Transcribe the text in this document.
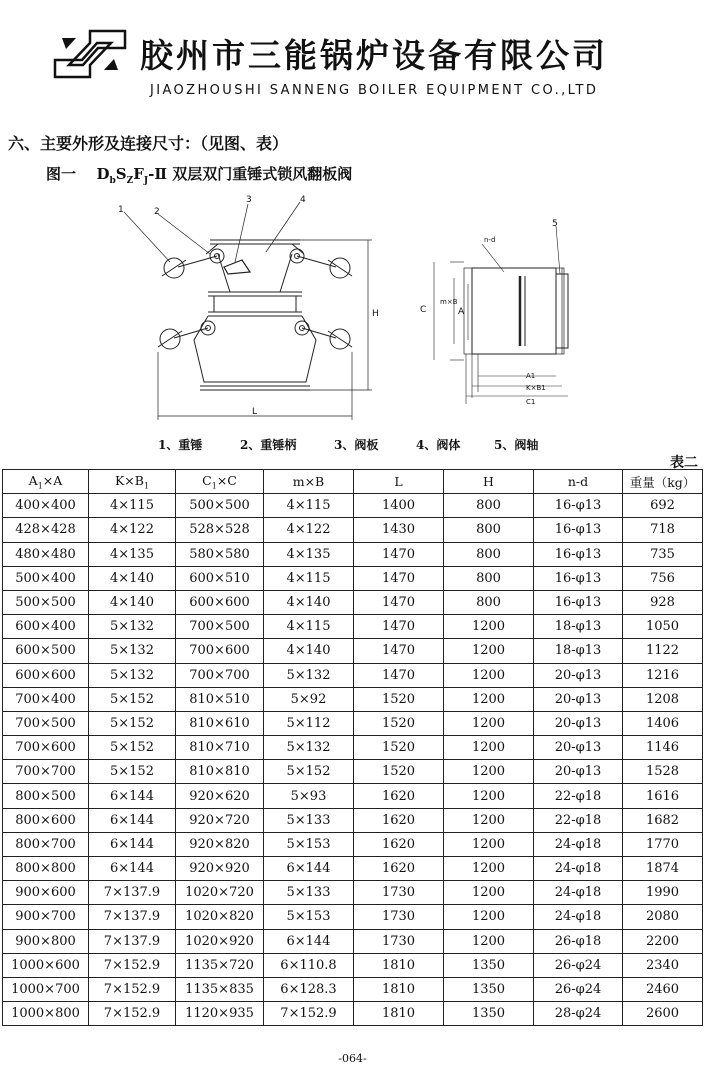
胶州市三能锅炉设备有限公司
JIAOZHOUSHI SANNENG BOILER EQUIPMENT CO.,LTD
六、主要外形及连接尺寸：（见图、表）
图一 $D_bS_ZF_J-Ⅱ$ 双层双门重锤式锁风翻板阀
1	2
3	4
5
L
H	C
m×B
A
n-d
A1
K×B1
C1
1、重锤	2、重锤柄	3、阀板	4、阀体	5、阀轴
表二
$A_1\times A$	$K\times B_1$	$C_1\times C$	m×B	L	H	n-d	重量（kg）
400×400	4×115	500×500	4×115	1400	800	16-φ13	692
428×428	4×122	528×528	4×122	1430	800	16-φ13	718
480×480	4×135	580×580	4×135	1470	800	16-φ13	735
500×400	4×140	600×510	4×115	1470	800	16-φ13	756
500×500	4×140	600×600	4×140	1470	800	16-φ13	928
600×400	5×132	700×500	4×115	1470	1200	18-φ13	1050
600×500	5×132	700×600	4×140	1470	1200	18-φ13	1122
600×600	5×132	700×700	5×132	1470	1200	20-φ13	1216
700×400	5×152	810×510	5×92	1520	1200	20-φ13	1208
700×500	5×152	810×610	5×112	1520	1200	20-φ13	1406
700×600	5×152	810×710	5×132	1520	1200	20-φ13	1146
700×700	5×152	810×810	5×152	1520	1200	20-φ13	1528
800×500	6×144	920×620	5×93	1620	1200	22-φ18	1616
800×600	6×144	920×720	5×133	1620	1200	22-φ18	1682
800×700	6×144	920×820	5×153	1620	1200	24-φ18	1770
800×800	6×144	920×920	6×144	1620	1200	24-φ18	1874
900×600	7×137.9	1020×720	5×133	1730	1200	24-φ18	1990
900×700	7×137.9	1020×820	5×153	1730	1200	24-φ18	2080
900×800	7×137.9	1020×920	6×144	1730	1200	26-φ18	2200
1000×600	7×152.9	1135×720	6×110.8	1810	1350	26-φ24	2340
1000×700	7×152.9	1135×835	6×128.3	1810	1350	26-φ24	2460
1000×800	7×152.9	1120×935	7×152.9	1810	1350	28-φ24	2600
-064-
